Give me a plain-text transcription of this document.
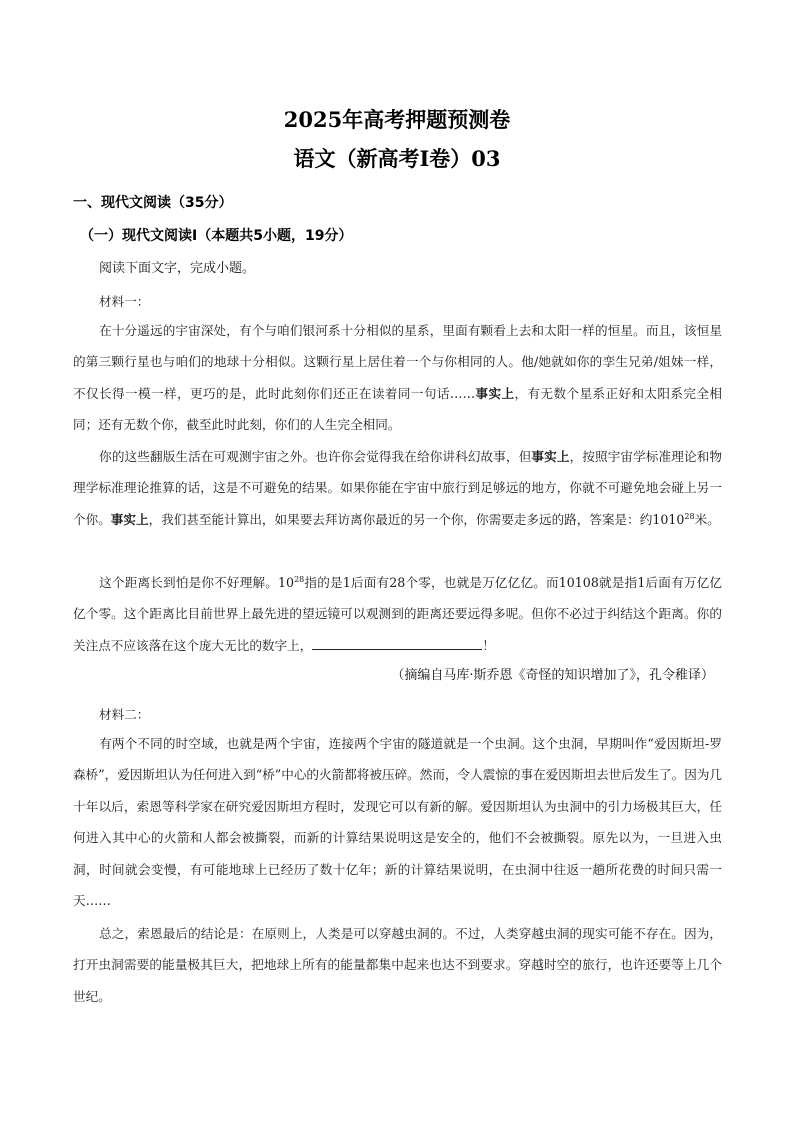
2025年高考押题预测卷
语文（新高考Ⅰ卷）03
一、现代文阅读（35分）
（一）现代文阅读Ⅰ（本题共5小题，19分）
阅读下面文字，完成小题。
材料一：
在十分遥远的宇宙深处，有个与咱们银河系十分相似的星系，里面有颗看上去和太阳一样的恒星。而且，该恒星的第三颗行星也与咱们的地球十分相似。这颗行星上居住着一个与你相同的人。他/她就如你的孪生兄弟/姐妹一样，不仅长得一模一样，更巧的是，此时此刻你们还正在读着同一句话……事实上，有无数个星系正好和太阳系完全相同；还有无数个你，截至此时此刻，你们的人生完全相同。
你的这些翻版生活在可观测宇宙之外。也许你会觉得我在给你讲科幻故事，但事实上，按照宇宙学标准理论和物理学标准理论推算的话，这是不可避免的结果。如果你能在宇宙中旅行到足够远的地方，你就不可避免地会碰上另一个你。事实上，我们甚至能计算出，如果要去拜访离你最近的另一个你，你需要走多远的路，答案是：约1010$^{28}$米。
这个距离长到怕是你不好理解。$10^{28}$指的是1后面有28个零，也就是万亿亿亿。而10108就是指1后面有万亿亿亿个零。这个距离比目前世界上最先进的望远镜可以观测到的距离还要远得多呢。但你不必过于纠结这个距离。你的关注点不应该落在这个庞大无比的数字上，	！
（摘编自马库·斯乔恩《奇怪的知识增加了》，孔令稚译）
材料二：
有两个不同的时空域，也就是两个宇宙，连接两个宇宙的隧道就是一个虫洞。这个虫洞，早期叫作“爱因斯坦-罗森桥”，爱因斯坦认为任何进入到“桥”中心的火箭都将被压碎。然而，令人震惊的事在爱因斯坦去世后发生了。因为几十年以后，索恩等科学家在研究爱因斯坦方程时，发现它可以有新的解。爱因斯坦认为虫洞中的引力场极其巨大，任何进入其中心的火箭和人都会被撕裂，而新的计算结果说明这是安全的，他们不会被撕裂。原先以为，一旦进入虫洞，时间就会变慢，有可能地球上已经历了数十亿年；新的计算结果说明，在虫洞中往返一趟所花费的时间只需一天……
总之，索恩最后的结论是：在原则上，人类是可以穿越虫洞的。不过，人类穿越虫洞的现实可能不存在。因为，打开虫洞需要的能量极其巨大，把地球上所有的能量都集中起来也达不到要求。穿越时空的旅行，也许还要等上几个世纪。
